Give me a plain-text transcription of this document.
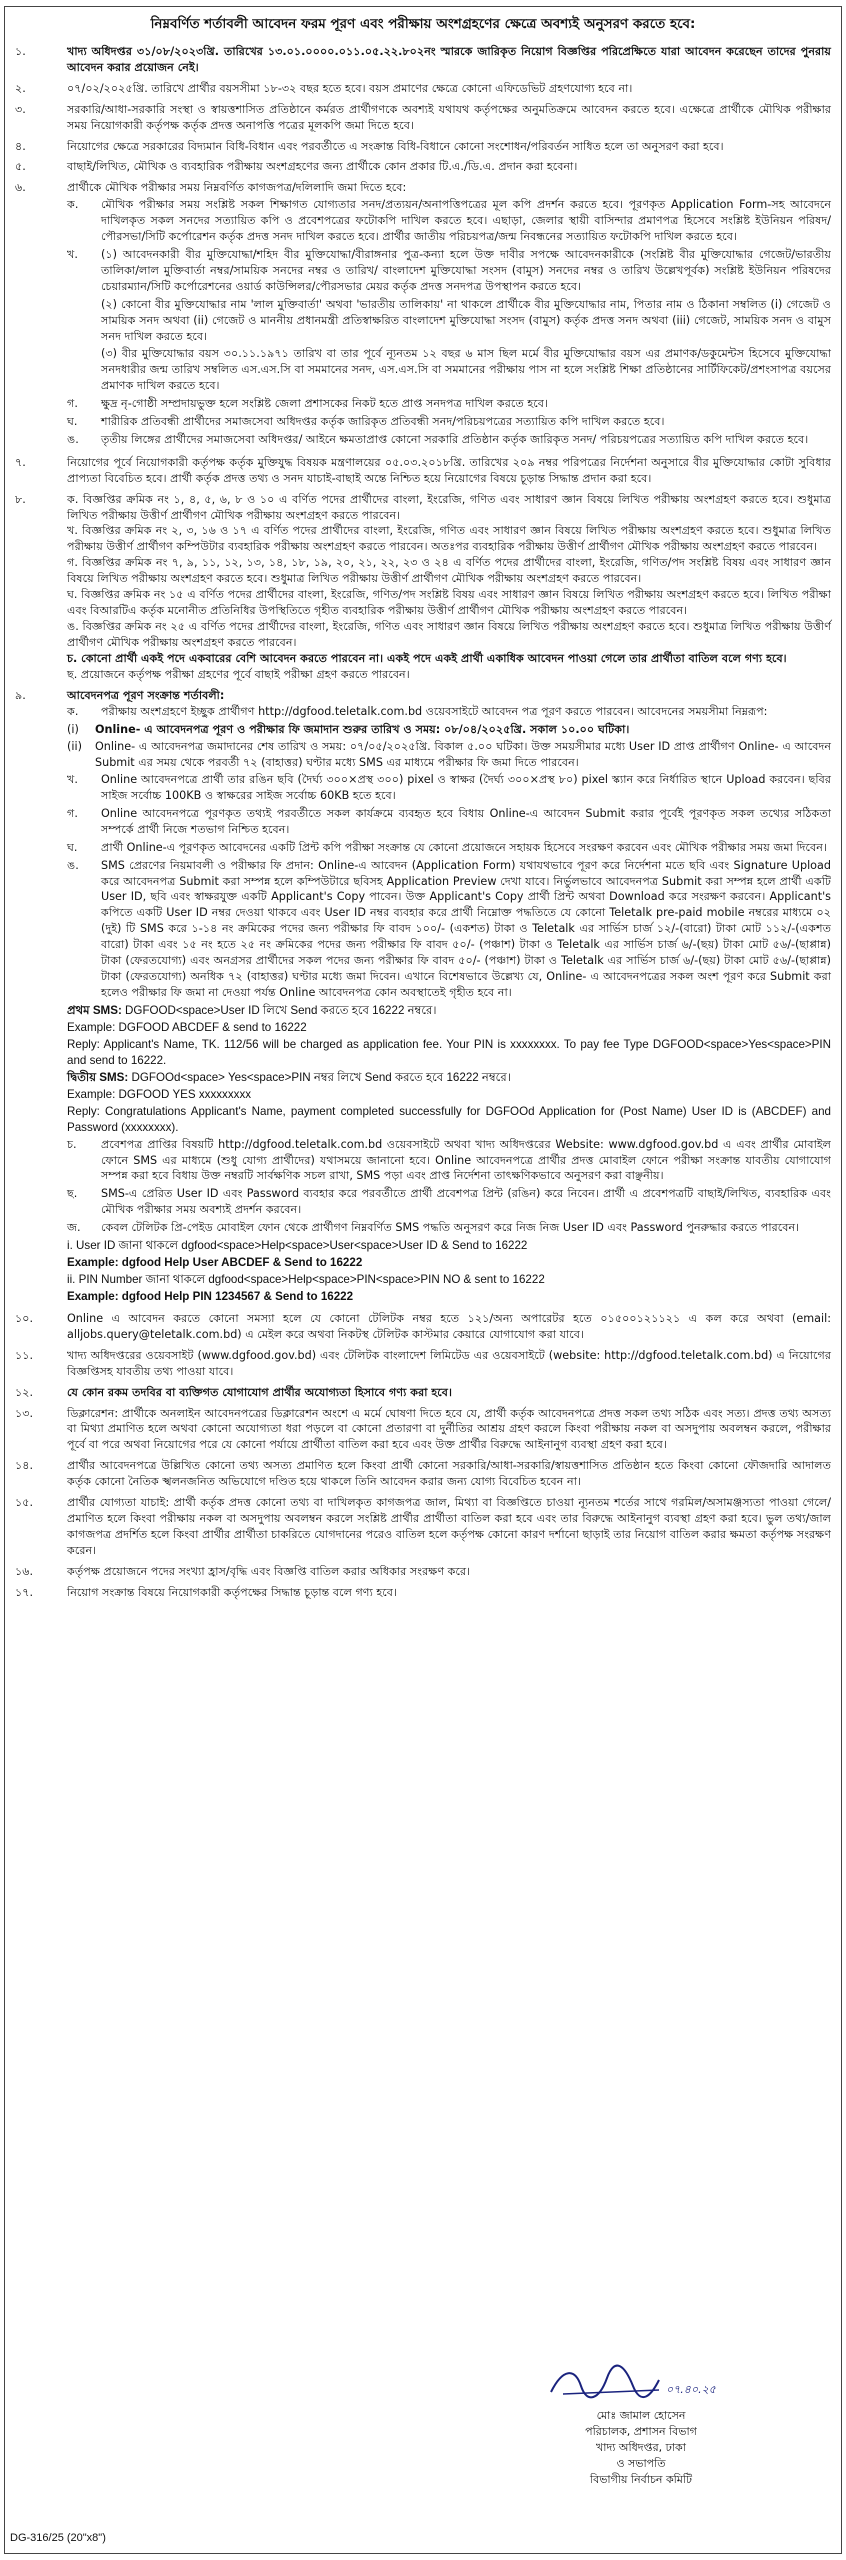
নিম্নবর্ণিত শর্তাবলী আবেদন ফরম পূরণ এবং পরীক্ষায় অংশগ্রহণের ক্ষেত্রে অবশ্যই অনুসরণ করতে হবে:
১.	খাদ্য অধিদপ্তর ৩১/০৮/২০২৩খ্রি. তারিখের ১৩.০১.০০০০.০১১.০৫.২২.৮০২নং স্মারকে জারিকৃত নিয়োগ বিজ্ঞপ্তির পরিপ্রেক্ষিতে যারা আবেদন করেছেন তাদের পুনরায় আবেদন করার প্রয়োজন নেই।
২.	০৭/০২/২০২৫খ্রি. তারিখে প্রার্থীর বয়সসীমা ১৮-৩২ বছর হতে হবে। বয়স প্রমাণের ক্ষেত্রে কোনো এফিডেভিট গ্রহণযোগ্য হবে না।
৩.	সরকারি/আধা-সরকারি সংস্থা ও স্বায়ত্তশাসিত প্রতিষ্ঠানে কর্মরত প্রার্থীগণকে অবশ্যই যথাযথ কর্তৃপক্ষের অনুমতিক্রমে আবেদন করতে হবে। এক্ষেত্রে প্রার্থীকে মৌখিক পরীক্ষার সময় নিয়োগকারী কর্তৃপক্ষ কর্তৃক প্রদত্ত অনাপত্তি পত্রের মূলকপি জমা দিতে হবে।
৪.	নিয়োগের ক্ষেত্রে সরকারের বিদ্যমান বিধি-বিধান এবং পরবর্তীতে এ সংক্রান্ত বিধি-বিধানে কোনো সংশোধন/পরিবর্তন সাধিত হলে তা অনুসরণ করা হবে।
৫.	বাছাই/লিখিত, মৌখিক ও ব্যবহারিক পরীক্ষায় অংশগ্রহণের জন্য প্রার্থীকে কোন প্রকার টি.এ./ডি.এ. প্রদান করা হবেনা।
৬.	প্রার্থীকে মৌখিক পরীক্ষার সময় নিম্নবর্ণিত কাগজপত্র/দলিলাদি জমা দিতে হবে:
ক.	মৌখিক পরীক্ষার সময় সংশ্লিষ্ট সকল শিক্ষাগত যোগ্যতার সনদ/প্রত্যয়ন/অনাপত্তিপত্রের মূল কপি প্রদর্শন করতে হবে। পূরণকৃত Application Form-সহ আবেদনে দাখিলকৃত সকল সনদের সত্যায়িত কপি ও প্রবেশপত্রের ফটোকপি দাখিল করতে হবে। এছাড়া, জেলার স্থায়ী বাসিন্দার প্রমাণপত্র হিসেবে সংশ্লিষ্ট ইউনিয়ন পরিষদ/পৌরসভা/সিটি কর্পোরেশন কর্তৃক প্রদত্ত সনদ দাখিল করতে হবে। প্রার্থীর জাতীয় পরিচয়পত্র/জন্ম নিবন্ধনের সত্যায়িত ফটোকপি দাখিল করতে হবে।
খ.	(১) আবেদনকারী বীর মুক্তিযোদ্ধা/শহিদ বীর মুক্তিযোদ্ধা/বীরাঙ্গনার পুত্র-কন্যা হলে উক্ত দাবীর সপক্ষে আবেদনকারীকে (সংশ্লিষ্ট বীর মুক্তিযোদ্ধার গেজেট/ভারতীয় তালিকা/লাল মুক্তিবার্তা নম্বর/সাময়িক সনদের নম্বর ও তারিখ/ বাংলাদেশ মুক্তিযোদ্ধা সংসদ (বামুস) সনদের নম্বর ও তারিখ উল্লেখপূর্বক) সংশ্লিষ্ট ইউনিয়ন পরিষদের চেয়ারম্যান/সিটি কর্পোরেশনের ওয়ার্ড কাউন্সিলর/পৌরসভার মেয়র কর্তৃক প্রদত্ত সনদপত্র উপস্থাপন করতে হবে।
(২) কোনো বীর মুক্তিযোদ্ধার নাম 'লাল মুক্তিবার্তা' অথবা 'ভারতীয় তালিকায়' না থাকলে প্রার্থীকে বীর মুক্তিযোদ্ধার নাম, পিতার নাম ও ঠিকানা সম্বলিত (i) গেজেট ও সাময়িক সনদ অথবা (ii) গেজেট ও মাননীয় প্রধানমন্ত্রী প্রতিস্বাক্ষরিত বাংলাদেশ মুক্তিযোদ্ধা সংসদ (বামুস) কর্তৃক প্রদত্ত সনদ অথবা (iii) গেজেট, সাময়িক সনদ ও বামুস সনদ দাখিল করতে হবে।
(৩) বীর মুক্তিযোদ্ধার বয়স ৩০.১১.১৯৭১ তারিখ বা তার পূর্বে ন্যূনতম ১২ বছর ৬ মাস ছিল মর্মে বীর মুক্তিযোদ্ধার বয়স এর প্রমাণক/ডকুমেন্টস হিসেবে মুক্তিযোদ্ধা সনদধারীর জন্ম তারিখ সম্বলিত এস.এস.সি বা সমমানের সনদ, এস.এস.সি বা সমমানের পরীক্ষায় পাস না হলে সংশ্লিষ্ট শিক্ষা প্রতিষ্ঠানের সার্টিফিকেট/প্রশংসাপত্র বয়সের প্রমাণক দাখিল করতে হবে।
গ.	ক্ষুদ্র নৃ-গোষ্ঠী সম্প্রদায়ভুক্ত হলে সংশ্লিষ্ট জেলা প্রশাসকের নিকট হতে প্রাপ্ত সনদপত্র দাখিল করতে হবে।
ঘ.	শারীরিক প্রতিবন্ধী প্রার্থীদের সমাজসেবা অধিদপ্তর কর্তৃক জারিকৃত প্রতিবন্ধী সনদ/পরিচয়পত্রের সত্যায়িত কপি দাখিল করতে হবে।
ঙ.	তৃতীয় লিঙ্গের প্রার্থীদের সমাজসেবা অধিদপ্তর/ আইনে ক্ষমতাপ্রাপ্ত কোনো সরকারি প্রতিষ্ঠান কর্তৃক জারিকৃত সনদ/ পরিচয়পত্রের সত্যায়িত কপি দাখিল করতে হবে।
৭.	নিয়োগের পূর্বে নিয়োগকারী কর্তৃপক্ষ কর্তৃক মুক্তিযুদ্ধ বিষয়ক মন্ত্রণালয়ের ০৫.০৩.২০১৮খ্রি. তারিখের ২০৯ নম্বর পরিপত্রের নির্দেশনা অনুসারে বীর মুক্তিযোদ্ধার কোটা সুবিধার প্রাপ্যতা বিবেচিত হবে। প্রার্থী কর্তৃক প্রদত্ত তথ্য ও সনদ যাচাই-বাছাই অন্তে নিশ্চিত হয়ে নিয়োগের বিষয়ে চূড়ান্ত সিদ্ধান্ত প্রদান করা হবে।
৮.	ক. বিজ্ঞপ্তির ক্রমিক নং ১, ৪, ৫, ৬, ৮ ও ১০ এ বর্ণিত পদের প্রার্থীদের বাংলা, ইংরেজি, গণিত এবং সাধারণ জ্ঞান বিষয়ে লিখিত পরীক্ষায় অংশগ্রহণ করতে হবে। শুধুমাত্র লিখিত পরীক্ষায় উত্তীর্ণ প্রার্থীগণ মৌখিক পরীক্ষায় অংশগ্রহণ করতে পারবেন।
খ. বিজ্ঞপ্তির ক্রমিক নং ২, ৩, ১৬ ও ১৭ এ বর্ণিত পদের প্রার্থীদের বাংলা, ইংরেজি, গণিত এবং সাধারণ জ্ঞান বিষয়ে লিখিত পরীক্ষায় অংশগ্রহণ করতে হবে। শুধুমাত্র লিখিত পরীক্ষায় উত্তীর্ণ প্রার্থীগণ কম্পিউটার ব্যবহারিক পরীক্ষায় অংশগ্রহণ করতে পারবেন। অতঃপর ব্যবহারিক পরীক্ষায় উত্তীর্ণ প্রার্থীগণ মৌখিক পরীক্ষায় অংশগ্রহণ করতে পারবেন।
গ. বিজ্ঞপ্তির ক্রমিক নং ৭, ৯, ১১, ১২, ১৩, ১৪, ১৮, ১৯, ২০, ২১, ২২, ২৩ ও ২৪ এ বর্ণিত পদের প্রার্থীদের বাংলা, ইংরেজি, গণিত/পদ সংশ্লিষ্ট বিষয় এবং সাধারণ জ্ঞান বিষয়ে লিখিত পরীক্ষায় অংশগ্রহণ করতে হবে। শুধুমাত্র লিখিত পরীক্ষায় উত্তীর্ণ প্রার্থীগণ মৌখিক পরীক্ষায় অংশগ্রহণ করতে পারবেন।
ঘ. বিজ্ঞপ্তির ক্রমিক নং ১৫ এ বর্ণিত পদের প্রার্থীদের বাংলা, ইংরেজি, গণিত/পদ সংশ্লিষ্ট বিষয় এবং সাধারণ জ্ঞান বিষয়ে লিখিত পরীক্ষায় অংশগ্রহণ করতে হবে। লিখিত পরীক্ষা এবং বিআরটিএ কর্তৃক মনোনীত প্রতিনিধির উপস্থিতিতে গৃহীত ব্যবহারিক পরীক্ষায় উত্তীর্ণ প্রার্থীগণ মৌখিক পরীক্ষায় অংশগ্রহণ করতে পারবেন।
ঙ. বিজ্ঞপ্তির ক্রমিক নং ২৫ এ বর্ণিত পদের প্রার্থীদের বাংলা, ইংরেজি, গণিত এবং সাধারণ জ্ঞান বিষয়ে লিখিত পরীক্ষায় অংশগ্রহণ করতে হবে। শুধুমাত্র লিখিত পরীক্ষায় উত্তীর্ণ প্রার্থীগণ মৌখিক পরীক্ষায় অংশগ্রহণ করতে পারবেন।
চ. কোনো প্রার্থী একই পদে একবারের বেশি আবেদন করতে পারবেন না। একই পদে একই প্রার্থী একাধিক আবেদন পাওয়া গেলে তার প্রার্থীতা বাতিল বলে গণ্য হবে।
ছ. প্রয়োজনে কর্তৃপক্ষ পরীক্ষা গ্রহণের পূর্বে বাছাই পরীক্ষা গ্রহণ করতে পারবেন।
৯.	আবেদনপত্র পূরণ সংক্রান্ত শর্তাবলী:
ক.	পরীক্ষায় অংশগ্রহণে ইচ্ছুক প্রার্থীগণ http://dgfood.teletalk.com.bd ওয়েবসাইটে আবেদন পত্র পূরণ করতে পারবেন। আবেদনের সময়সীমা নিম্নরূপ:
(i)	Online- এ আবেদনপত্র পূরণ ও পরীক্ষার ফি জমাদান শুরুর তারিখ ও সময়: ০৮/০৪/২০২৫খ্রি. সকাল ১০.০০ ঘটিকা।
(ii)	Online- এ আবেদনপত্র জমাদানের শেষ তারিখ ও সময়: ০৭/০৫/২০২৫খ্রি. বিকাল ৫.০০ ঘটিকা। উক্ত সময়সীমার মধ্যে User ID প্রাপ্ত প্রার্থীগণ Online- এ আবেদন Submit এর সময় থেকে পরবর্তী ৭২ (বাহাত্তর) ঘণ্টার মধ্যে SMS এর মাধ্যমে পরীক্ষার ফি জমা দিতে পারবেন।
খ.	Online আবেদনপত্রে প্রার্থী তার রঙিন ছবি (দৈর্ঘ্য ৩০০×প্রস্থ ৩০০) pixel ও স্বাক্ষর (দৈর্ঘ্য ৩০০×প্রস্থ ৮০) pixel স্ক্যান করে নির্ধারিত স্থানে Upload করবেন। ছবির সাইজ সর্বোচ্চ 100KB ও স্বাক্ষরের সাইজ সর্বোচ্চ 60KB হতে হবে।
গ.	Online আবেদনপত্রে পূরণকৃত তথ্যই পরবর্তীতে সকল কার্যক্রমে ব্যবহৃত হবে বিধায় Online-এ আবেদন Submit করার পূর্বেই পূরণকৃত সকল তথ্যের সঠিকতা সম্পর্কে প্রার্থী নিজে শতভাগ নিশ্চিত হবেন।
ঘ.	প্রার্থী Online-এ পূরণকৃত আবেদনের একটি প্রিন্ট কপি পরীক্ষা সংক্রান্ত যে কোনো প্রয়োজনে সহায়ক হিসেবে সংরক্ষণ করবেন এবং মৌখিক পরীক্ষার সময় জমা দিবেন।
ঙ.	SMS প্রেরণের নিয়মাবলী ও পরীক্ষার ফি প্রদান: Online-এ আবেদন (Application Form) যথাযথভাবে পূরণ করে নির্দেশনা মতে ছবি এবং Signature Upload করে আবেদনপত্র Submit করা সম্পন্ন হলে কম্পিউটারে ছবিসহ Application Preview দেখা যাবে। নির্ভুলভাবে আবেদনপত্র Submit করা সম্পন্ন হলে প্রার্থী একটি User ID, ছবি এবং স্বাক্ষরযুক্ত একটি Applicant's Copy পাবেন। উক্ত Applicant's Copy প্রার্থী প্রিন্ট অথবা Download করে সংরক্ষণ করবেন। Applicant's কপিতে একটি User ID নম্বর দেওয়া থাকবে এবং User ID নম্বর ব্যবহার করে প্রার্থী নিম্নোক্ত পদ্ধতিতে যে কোনো Teletalk pre-paid mobile নম্বরের মাধ্যমে ০২ (দুই) টি SMS করে ১-১৪ নং ক্রমিকের পদের জন্য পরীক্ষার ফি বাবদ ১০০/- (একশত) টাকা ও Teletalk এর সার্ভিস চার্জ ১২/-(বারো) টাকা মোট ১১২/-(একশত বারো) টাকা এবং ১৫ নং হতে ২৫ নং ক্রমিকের পদের জন্য পরীক্ষার ফি বাবদ ৫০/- (পঞ্চাশ) টাকা ও Teletalk এর সার্ভিস চার্জ ৬/-(ছয়) টাকা মোট ৫৬/-(ছাপ্পান্ন) টাকা (ফেরতযোগ্য) এবং অনগ্রসর প্রার্থীদের সকল পদের জন্য পরীক্ষার ফি বাবদ ৫০/- (পঞ্চাশ) টাকা ও Teletalk এর সার্ভিস চার্জ ৬/-(ছয়) টাকা মোট ৫৬/-(ছাপ্পান্ন) টাকা (ফেরতযোগ্য) অনধিক ৭২ (বাহাত্তর) ঘণ্টার মধ্যে জমা দিবেন। এখানে বিশেষভাবে উল্লেখ্য যে, Online- এ আবেদনপত্রের সকল অংশ পূরণ করে Submit করা হলেও পরীক্ষার ফি জমা না দেওয়া পর্যন্ত Online আবেদনপত্র কোন অবস্থাতেই গৃহীত হবে না।
প্রথম SMS: DGFOOD<space>User ID লিখে Send করতে হবে 16222 নম্বরে।
Example: DGFOOD ABCDEF & send to 16222
Reply: Applicant's Name, TK. 112/56 will be charged as application fee. Your PIN is xxxxxxxx. To pay fee Type DGFOOD<space>Yes<space>PIN and send to 16222.
দ্বিতীয় SMS: DGFOOd<space> Yes<space>PIN নম্বর লিখে Send করতে হবে 16222 নম্বরে।
Example: DGFOOD YES xxxxxxxxx
Reply: Congratulations Applicant's Name, payment completed successfully for DGFOOd Application for (Post Name) User ID is (ABCDEF) and Password (xxxxxxxx).
চ.	প্রবেশপত্র প্রাপ্তির বিষয়টি http://dgfood.teletalk.com.bd ওয়েবসাইটে অথবা খাদ্য অধিদপ্তরের Website: www.dgfood.gov.bd এ এবং প্রার্থীর মোবাইল ফোনে SMS এর মাধ্যমে (শুধু যোগ্য প্রার্থীদের) যথাসময়ে জানানো হবে। Online আবেদনপত্রে প্রার্থীর প্রদত্ত মোবাইল ফোনে পরীক্ষা সংক্রান্ত যাবতীয় যোগাযোগ সম্পন্ন করা হবে বিধায় উক্ত নম্বরটি সার্বক্ষণিক সচল রাখা, SMS পড়া এবং প্রাপ্ত নির্দেশনা তাৎক্ষণিকভাবে অনুসরণ করা বাঞ্ছনীয়।
ছ.	SMS-এ প্রেরিত User ID এবং Password ব্যবহার করে পরবর্তীতে প্রার্থী প্রবেশপত্র প্রিন্ট (রঙিন) করে নিবেন। প্রার্থী এ প্রবেশপত্রটি বাছাই/লিখিত, ব্যবহারিক এবং মৌখিক পরীক্ষার সময় অবশ্যই প্রদর্শন করবেন।
জ.	কেবল টেলিটক প্রি-পেইড মোবাইল ফোন থেকে প্রার্থীগণ নিম্নবর্ণিত SMS পদ্ধতি অনুসরণ করে নিজ নিজ User ID এবং Password পুনরুদ্ধার করতে পারবেন।
i. User ID জানা থাকলে dgfood<space>Help<space>User<space>User ID & Send to 16222
Example: dgfood Help User ABCDEF & Send to 16222
ii. PIN Number জানা থাকলে dgfood<space>Help<space>PIN<space>PIN NO & sent to 16222
Example: dgfood Help PIN 1234567 & Send to 16222
১০.	Online এ আবেদন করতে কোনো সমস্যা হলে যে কোনো টেলিটক নম্বর হতে ১২১/অন্য অপারেটর হতে ০১৫০০১২১১২১ এ কল করে অথবা (email: alljobs.query@teletalk.com.bd) এ মেইল করে অথবা নিকটস্থ টেলিটক কাস্টমার কেয়ারে যোগাযোগ করা যাবে।
১১.	খাদ্য অধিদপ্তরের ওয়েবসাইট (www.dgfood.gov.bd) এবং টেলিটক বাংলাদেশ লিমিটেড এর ওয়েবসাইটে (website: http://dgfood.teletalk.com.bd) এ নিয়োগের বিজ্ঞপ্তিসহ যাবতীয় তথ্য পাওয়া যাবে।
১২.	যে কোন রকম তদবির বা ব্যক্তিগত যোগাযোগ প্রার্থীর অযোগ্যতা হিসাবে গণ্য করা হবে।
১৩.	ডিক্লারেশন: প্রার্থীকে অনলাইন আবেদনপত্রের ডিক্লারেশন অংশে এ মর্মে ঘোষণা দিতে হবে যে, প্রার্থী কর্তৃক আবেদনপত্রে প্রদত্ত সকল তথ্য সঠিক এবং সত্য। প্রদত্ত তথ্য অসত্য বা মিথ্যা প্রমাণিত হলে অথবা কোনো অযোগ্যতা ধরা পড়লে বা কোনো প্রতারণা বা দুর্নীতির আশ্রয় গ্রহণ করলে কিংবা পরীক্ষায় নকল বা অসদুপায় অবলম্বন করলে, পরীক্ষার পূর্বে বা পরে অথবা নিয়োগের পরে যে কোনো পর্যায়ে প্রার্থীতা বাতিল করা হবে এবং উক্ত প্রার্থীর বিরুদ্ধে আইনানুগ ব্যবস্থা গ্রহণ করা হবে।
১৪.	প্রার্থীর আবেদনপত্রে উল্লিখিত কোনো তথ্য অসত্য প্রমাণিত হলে কিংবা প্রার্থী কোনো সরকারি/আধা-সরকারি/স্বায়ত্তশাসিত প্রতিষ্ঠান হতে কিংবা কোনো ফৌজদারি আদালত কর্তৃক কোনো নৈতিক স্খলনজনিত অভিযোগে দণ্ডিত হয়ে থাকলে তিনি আবেদন করার জন্য যোগ্য বিবেচিত হবেন না।
১৫.	প্রার্থীর যোগ্যতা যাচাই: প্রার্থী কর্তৃক প্রদত্ত কোনো তথ্য বা দাখিলকৃত কাগজপত্র জাল, মিথ্যা বা বিজ্ঞপ্তিতে চাওয়া ন্যূনতম শর্তের সাথে গরমিল/অসামঞ্জস্যতা পাওয়া গেলে/প্রমাণিত হলে কিংবা পরীক্ষায় নকল বা অসদুপায় অবলম্বন করলে সংশ্লিষ্ট প্রার্থীর প্রার্থীতা বাতিল করা হবে এবং তার বিরুদ্ধে আইনানুগ ব্যবস্থা গ্রহণ করা হবে। ভুল তথ্য/জাল কাগজপত্র প্রদর্শিত হলে কিংবা প্রার্থীর প্রার্থীতা চাকরিতে যোগদানের পরেও বাতিল হলে কর্তৃপক্ষ কোনো কারণ দর্শানো ছাড়াই তার নিয়োগ বাতিল করার ক্ষমতা কর্তৃপক্ষ সংরক্ষণ করেন।
১৬.	কর্তৃপক্ষ প্রয়োজনে পদের সংখ্যা হ্রাস/বৃদ্ধি এবং বিজ্ঞপ্তি বাতিল করার অধিকার সংরক্ষণ করে।
১৭.	নিয়োগ সংক্রান্ত বিষয়ে নিয়োগকারী কর্তৃপক্ষের সিদ্ধান্ত চূড়ান্ত বলে গণ্য হবে।
০৭.৪০.২৫
মোঃ জামাল হোসেন
পরিচালক, প্রশাসন বিভাগ
খাদ্য অধিদপ্তর, ঢাকা
ও সভাপতি
বিভাগীয় নির্বাচন কমিটি
DG-316/25 (20"x8")
